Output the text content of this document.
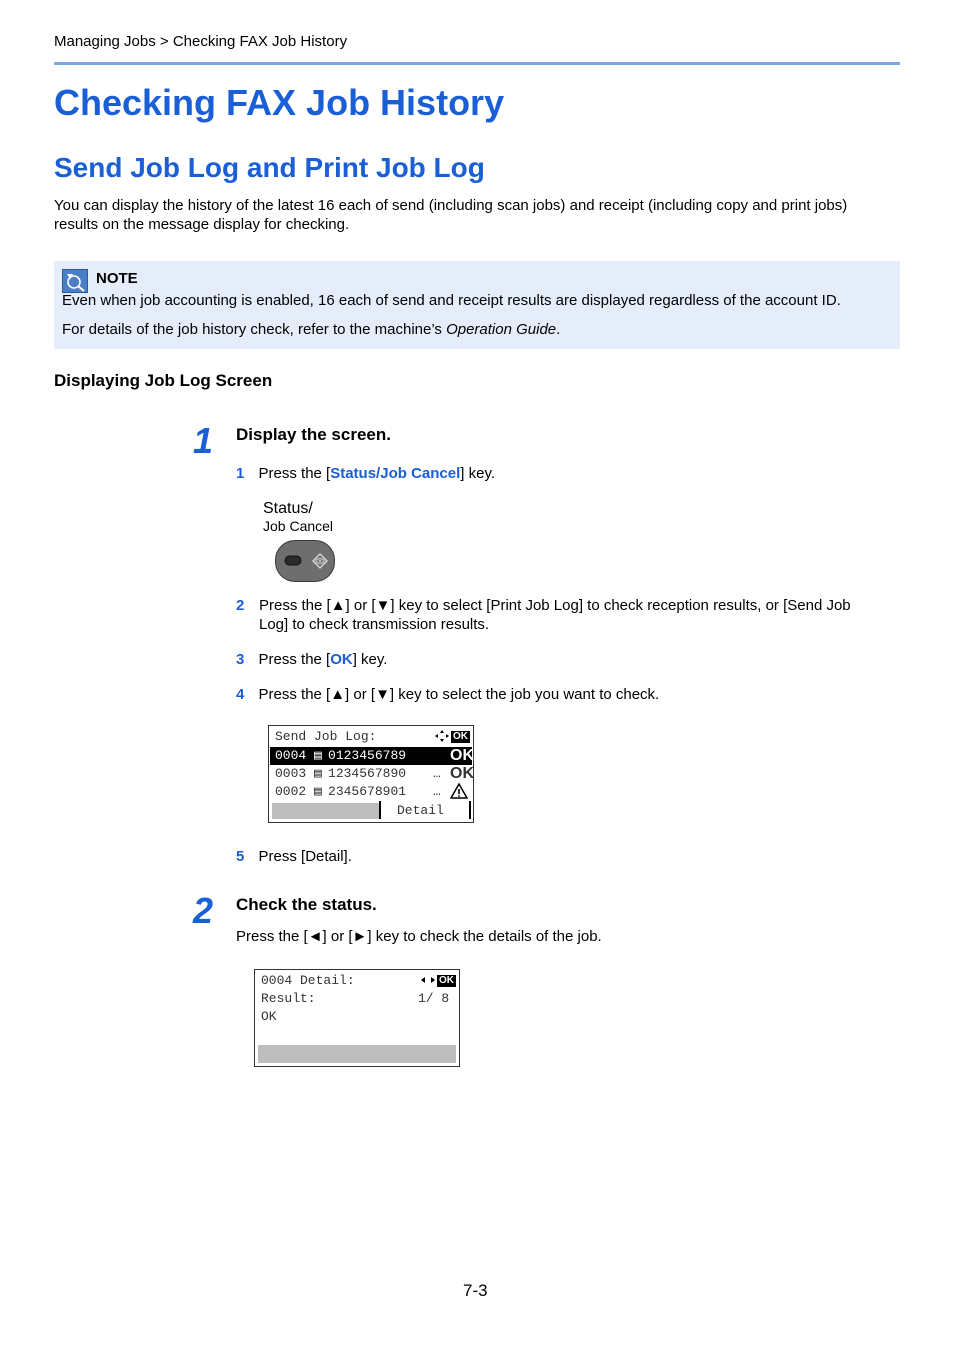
Managing Jobs > Checking FAX Job History
Checking FAX Job History
Send Job Log and Print Job Log
You can display the history of the latest 16 each of send (including scan jobs) and receipt (including copy and print jobs)
results on the message display for checking.
NOTE
Even when job accounting is enabled, 16 each of send and receipt results are displayed regardless of the account ID.
For details of the job history check, refer to the machine’s Operation Guide.
Displaying Job Log Screen
1 Display the screen.
1 Press the [Status/Job Cancel] key.
Status/
Job Cancel
2 Press the [▲] or [▼] key to select [Print Job Log] to check reception results, or [Send Job
Log] to check transmission results.
3 Press the [OK] key.
4 Press the [▲] or [▼] key to select the job you want to check.
Send Job Log:	OK
0004 ▤ 0123456789	OK
0003 ▤ 1234567890 … OK
0002 ▤ 2345678901 …
Detail
5 Press [Detail].
2 Check the status.
Press the [◄] or [►] key to check the details of the job.
0004 Detail:	OK
Result:	1/ 8
OK
7-3
